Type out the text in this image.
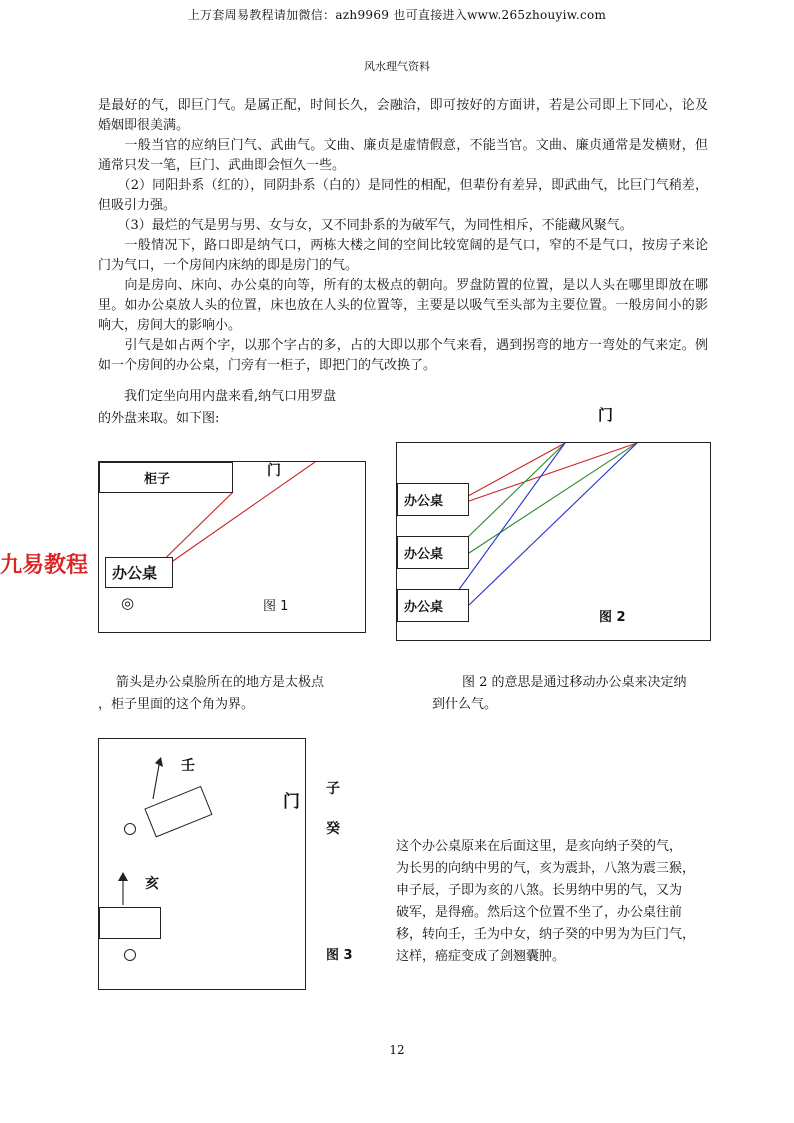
上万套周易教程请加微信：azh9969 也可直接进入www.265zhouyiw.com
风水理气资料

是最好的气，即巨门气。是属正配，时间长久，会融洽，即可按好的方面讲，若是公司即上下同心，论及婚姻即很美满。

　　一般当官的应纳巨门气、武曲气。文曲、廉贞是虚情假意，不能当官。文曲、廉贞通常是发横财，但通常只发一笔，巨门、武曲即会恒久一些。

　　（2）同阳卦系（红的），同阴卦系（白的）是同性的相配，但辈份有差异，即武曲气，比巨门气稍差，但吸引力强。

　　（3）最烂的气是男与男、女与女，又不同卦系的为破军气，为同性相斥，不能藏风聚气。

　　一般情况下，路口即是纳气口，两栋大楼之间的空间比较宽阔的是气口，窄的不是气口，按房子来论门为气口，一个房间内床纳的即是房门的气。

　　向是房向、床向、办公桌的向等，所有的太极点的朝向。罗盘防置的位置，是以人头在哪里即放在哪里。如办公桌放人头的位置，床也放在人头的位置等，主要是以吸气至头部为主要位置。一般房间小的影响大，房间大的影响小。

　　引气是如占两个字，以那个字占的多，占的大即以那个气来看，遇到拐弯的地方一弯处的气来定。例如一个房间的办公桌，门旁有一柜子，即把门的气改换了。

　　我们定坐向用内盘来看,纳气口用罗盘
的外盘来取。如下图:
柜子
门
办公桌
◎	图 1
九易教程
门
办公桌
办公桌
办公桌
图 2
箭头是办公桌脸所在的地方是太极点
，柜子里面的这个角为界。
图 2 的意思是通过移动办公桌来决定纳
到什么气。
壬
亥
门
子
癸
图 3
这个办公桌原来在后面这里，是亥向纳子癸的气，
为长男的向纳中男的气，亥为震卦，八煞为震三猴，
申子辰，子即为亥的八煞。长男纳中男的气，又为
破军，是得癌。然后这个位置不坐了，办公桌往前
移，转向壬，壬为中女，纳子癸的中男为为巨门气，
这样，癌症变成了剑翘囊肿。
12
